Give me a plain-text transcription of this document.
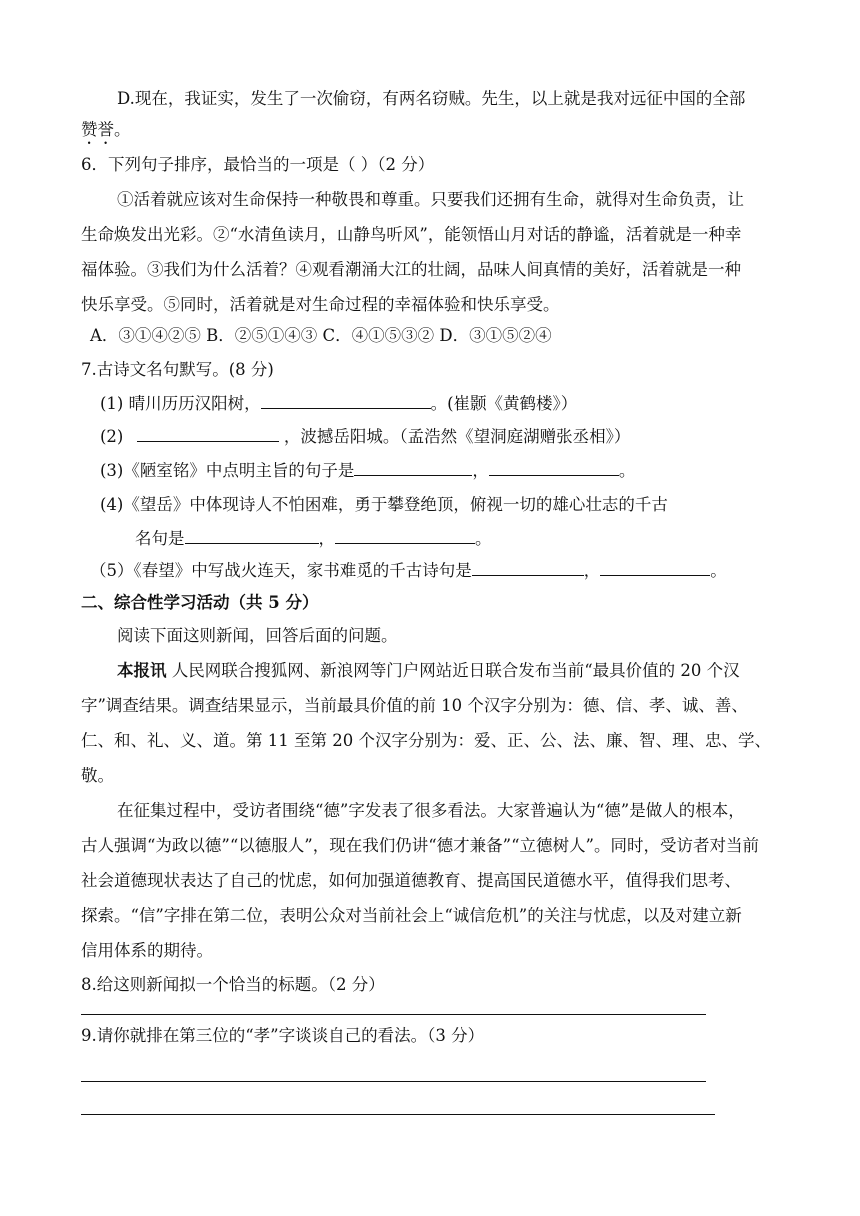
D.现在，我证实，发生了一次偷窃，有两名窃贼。先生，以上就是我对远征中国的全部
赞誉。
6．下列句子排序，最恰当的一项是（ ）（2 分）
①活着就应该对生命保持一种敬畏和尊重。只要我们还拥有生命，就得对生命负责，让
生命焕发出光彩。②“水清鱼读月，山静鸟听风”，能领悟山月对话的静谧，活着就是一种幸
福体验。③我们为什么活着？④观看潮涌大江的壮阔，品味人间真情的美好，活着就是一种
快乐享受。⑤同时，活着就是对生命过程的幸福体验和快乐享受。
A．③①④②⑤ B．②⑤①④③ C．④①⑤③② D．③①⑤②④
7.古诗文名句默写。(8 分)
(1) 晴川历历汉阳树，	。(崔颢《黄鹤楼》）
(2)	，波撼岳阳城。（孟浩然《望洞庭湖赠张丞相》）
(3)《陋室铭》中点明主旨的句子是	，	。
(4)《望岳》中体现诗人不怕困难，勇于攀登绝顶，俯视一切的雄心壮志的千古
名句是	，	。
（5）《春望》中写战火连天，家书难觅的千古诗句是	，	。
二、综合性学习活动（共 5 分）
阅读下面这则新闻，回答后面的问题。
本报讯 人民网联合搜狐网、新浪网等门户网站近日联合发布当前“最具价值的 20 个汉
字”调查结果。调查结果显示，当前最具价值的前 10 个汉字分别为：德、信、孝、诚、善、
仁、和、礼、义、道。第 11 至第 20 个汉字分别为：爱、正、公、法、廉、智、理、忠、学、
敬。
在征集过程中，受访者围绕“德”字发表了很多看法。大家普遍认为“德”是做人的根本，
古人强调“为政以德”“以德服人”，现在我们仍讲“德才兼备”“立德树人”。同时，受访者对当前
社会道德现状表达了自己的忧虑，如何加强道德教育、提高国民道德水平，值得我们思考、
探索。“信”字排在第二位，表明公众对当前社会上“诚信危机”的关注与忧虑，以及对建立新
信用体系的期待。
8.给这则新闻拟一个恰当的标题。（2 分）
9.请你就排在第三位的“孝”字谈谈自己的看法。（3 分）
